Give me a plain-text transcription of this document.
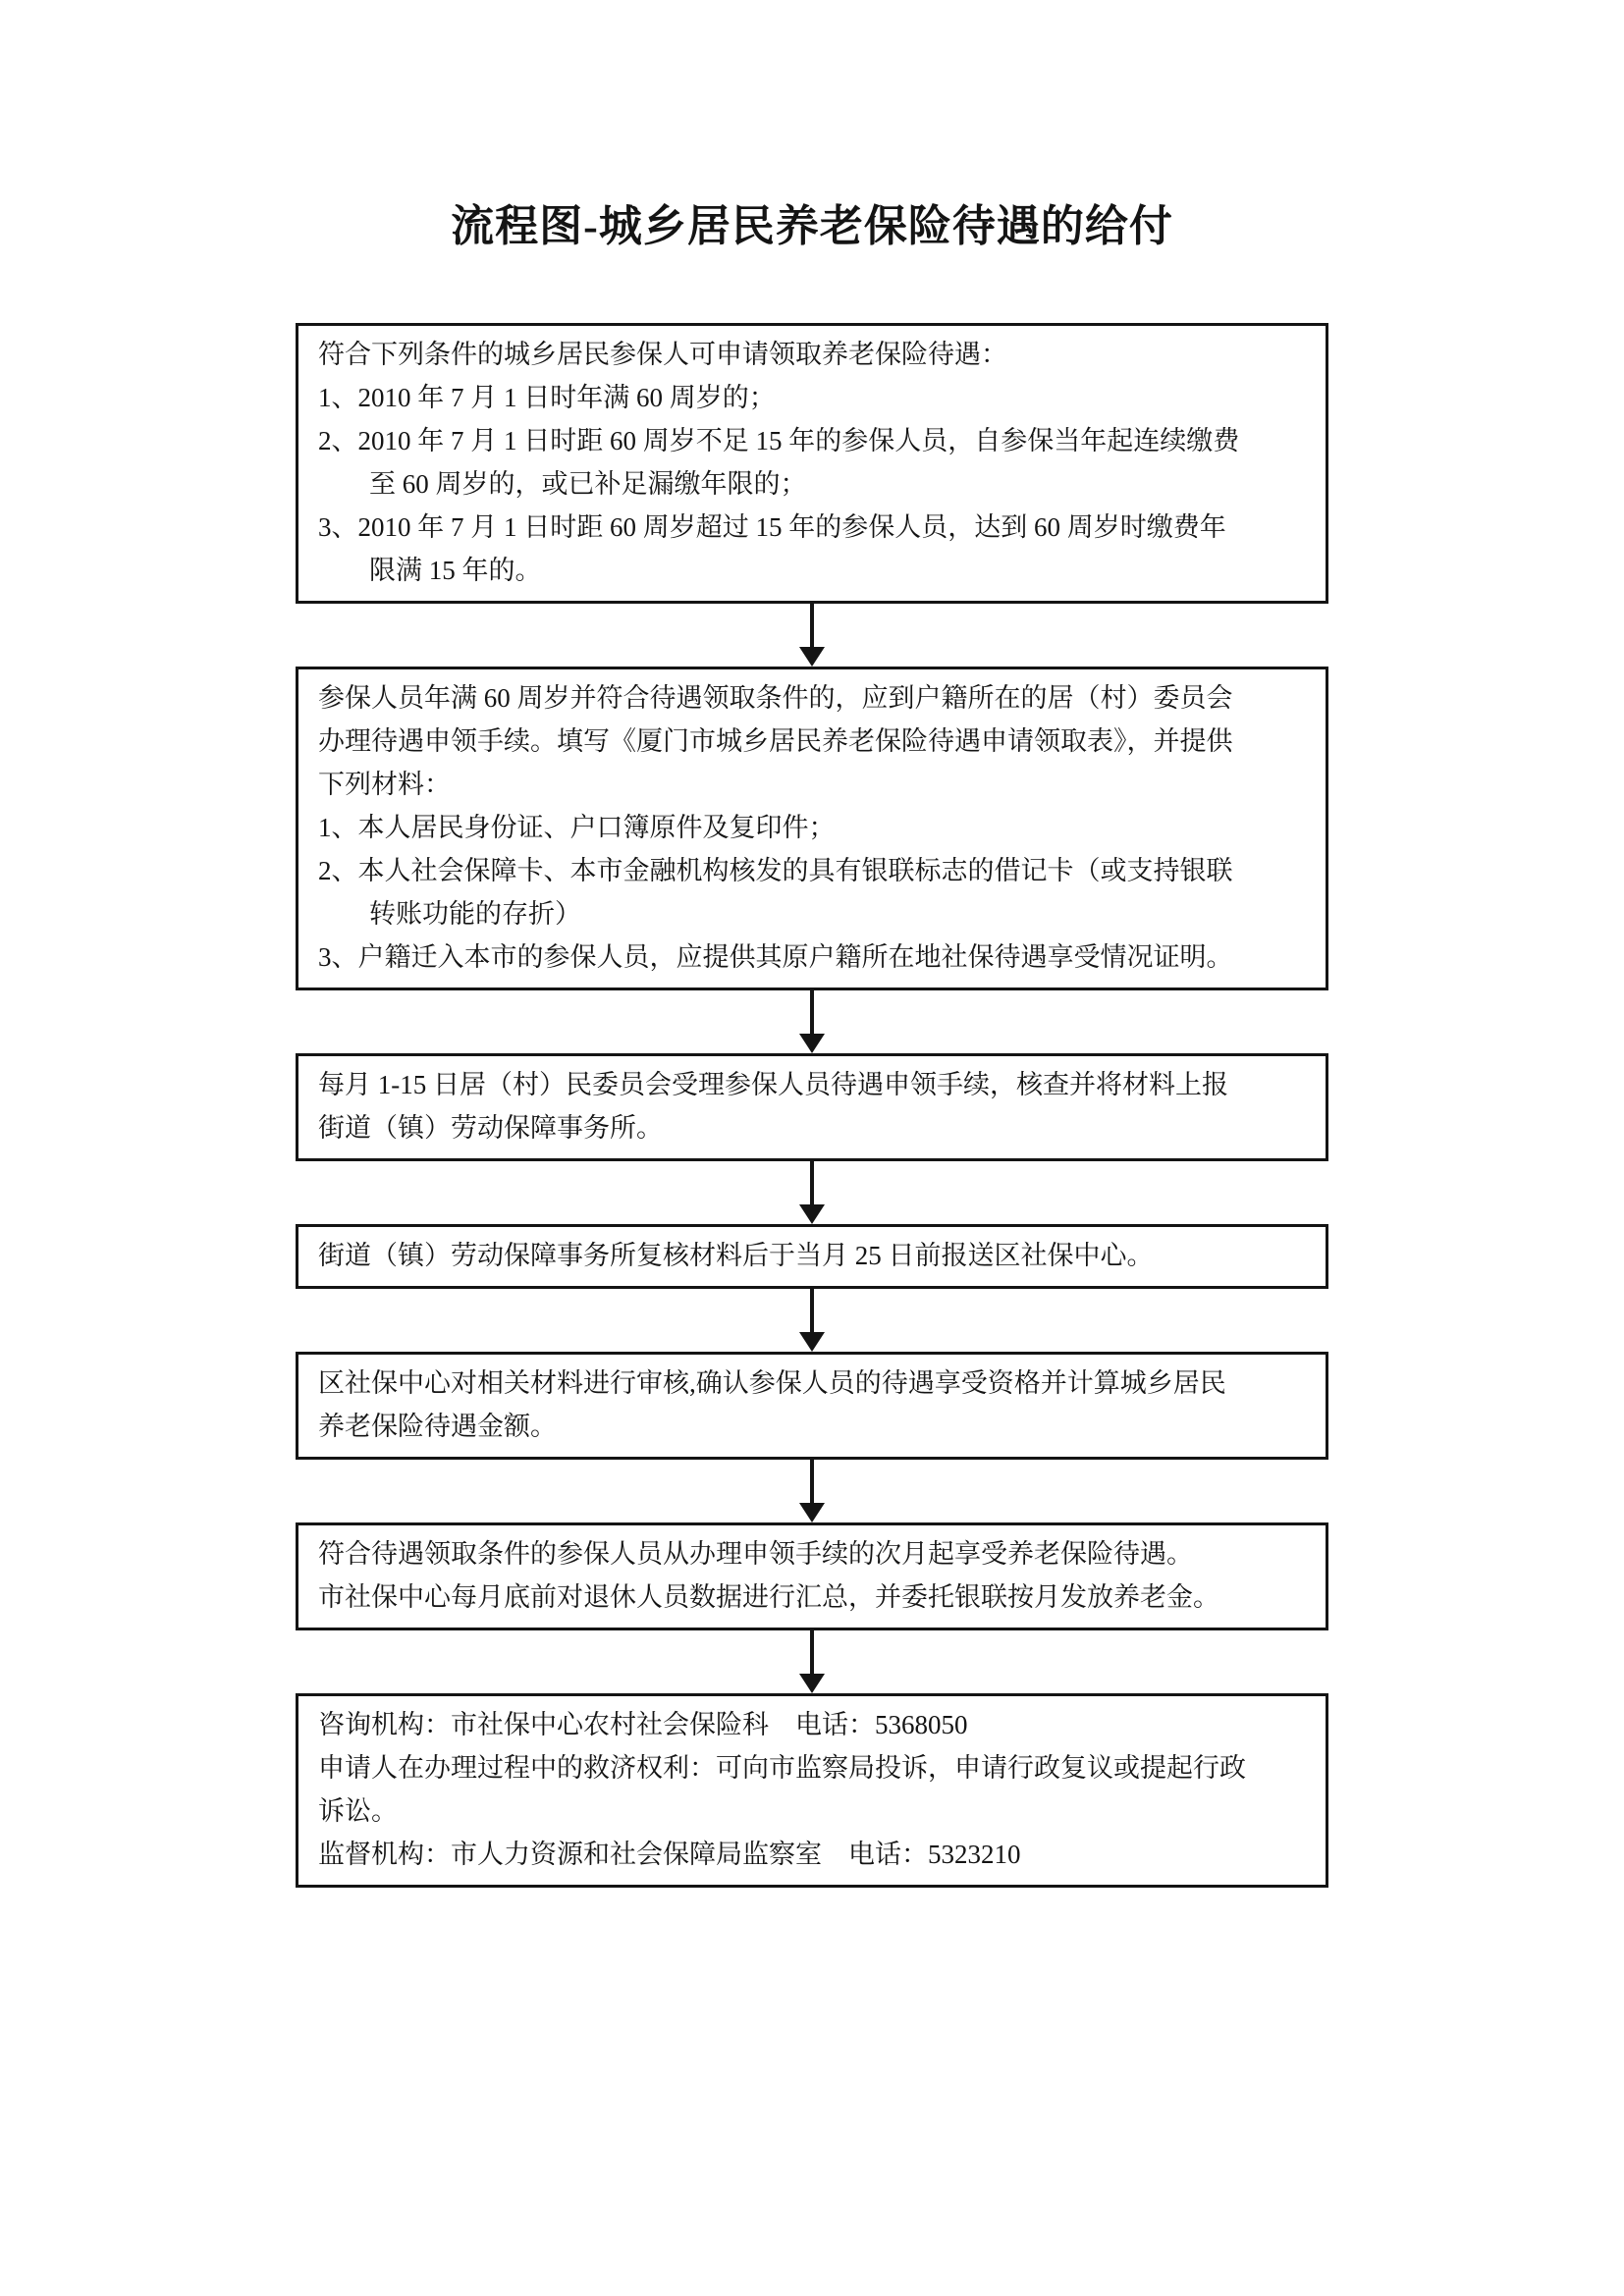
流程图-城乡居民养老保险待遇的给付
符合下列条件的城乡居民参保人可申请领取养老保险待遇：
1、2010 年 7 月 1 日时年满 60 周岁的；
2、2010 年 7 月 1 日时距 60 周岁不足 15 年的参保人员，自参保当年起连续缴费
至 60 周岁的，或已补足漏缴年限的；
3、2010 年 7 月 1 日时距 60 周岁超过 15 年的参保人员，达到 60 周岁时缴费年
限满 15 年的。
参保人员年满 60 周岁并符合待遇领取条件的，应到户籍所在的居（村）委员会
办理待遇申领手续。填写《厦门市城乡居民养老保险待遇申请领取表》，并提供
下列材料：
1、本人居民身份证、户口簿原件及复印件；
2、本人社会保障卡、本市金融机构核发的具有银联标志的借记卡（或支持银联
转账功能的存折）
3、户籍迁入本市的参保人员，应提供其原户籍所在地社保待遇享受情况证明。
每月 1-15 日居（村）民委员会受理参保人员待遇申领手续，核查并将材料上报
街道（镇）劳动保障事务所。
街道（镇）劳动保障事务所复核材料后于当月 25 日前报送区社保中心。
区社保中心对相关材料进行审核,确认参保人员的待遇享受资格并计算城乡居民
养老保险待遇金额。
符合待遇领取条件的参保人员从办理申领手续的次月起享受养老保险待遇。
市社保中心每月底前对退休人员数据进行汇总，并委托银联按月发放养老金。
咨询机构：市社保中心农村社会保险科　电话：5368050
申请人在办理过程中的救济权利：可向市监察局投诉，申请行政复议或提起行政
诉讼。
监督机构：市人力资源和社会保障局监察室　电话：5323210
